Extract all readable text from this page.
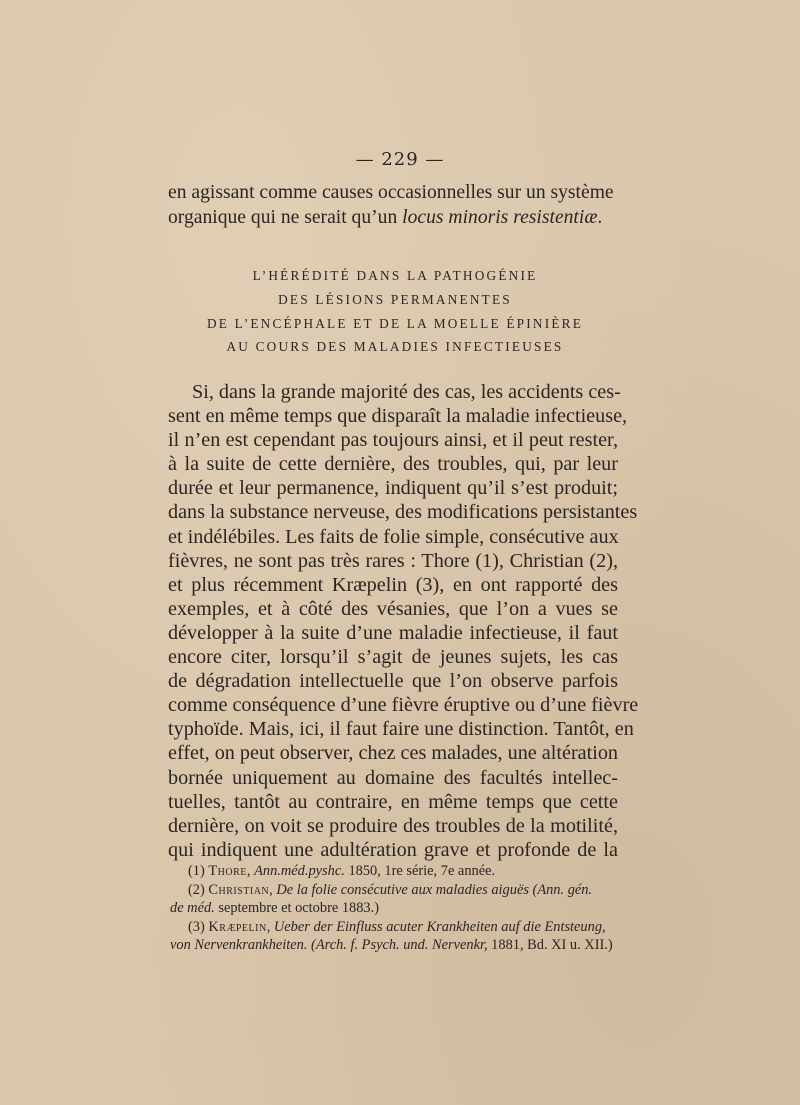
— 229 —
en agissant comme causes occasionnelles sur un système
organique qui ne serait qu’un locus minoris resistentiæ.
L’HÉRÉDITÉ DANS LA PATHOGÉNIE
DES LÉSIONS PERMANENTES
DE L’ENCÉPHALE ET DE LA MOELLE ÉPINIÈRE
AU COURS DES MALADIES INFECTIEUSES
Si, dans la grande majorité des cas, les accidents ces-
sent en même temps que disparaît la maladie infectieuse,
il n’en est cependant pas toujours ainsi, et il peut rester,
à la suite de cette dernière, des troubles, qui, par leur
durée et leur permanence, indiquent qu’il s’est produit;
dans la substance nerveuse, des modifications persistantes
et indélébiles. Les faits de folie simple, consécutive aux
fièvres, ne sont pas très rares : Thore (1), Christian (2),
et plus récemment Kræpelin (3), en ont rapporté des
exemples, et à côté des vésanies, que l’on a vues se
développer à la suite d’une maladie infectieuse, il faut
encore citer, lorsqu’il s’agit de jeunes sujets, les cas
de dégradation intellectuelle que l’on observe parfois
comme conséquence d’une fièvre éruptive ou d’une fièvre
typhoïde. Mais, ici, il faut faire une distinction. Tantôt, en
effet, on peut observer, chez ces malades, une altération
bornée uniquement au domaine des facultés intellec-
tuelles, tantôt au contraire, en même temps que cette
dernière, on voit se produire des troubles de la motilité,
qui indiquent une adultération grave et profonde de la
(1) Thore, Ann.méd.pyshc. 1850, 1re série, 7e année.
(2) Christian, De la folie consécutive aux maladies aiguës (Ann. gén.
de méd. septembre et octobre 1883.)
(3) Kræpelin, Ueber der Einfluss acuter Krankheiten auf die Entsteung,
von Nervenkrankheiten. (Arch. f. Psych. und. Nervenkr, 1881, Bd. XI u. XII.)
